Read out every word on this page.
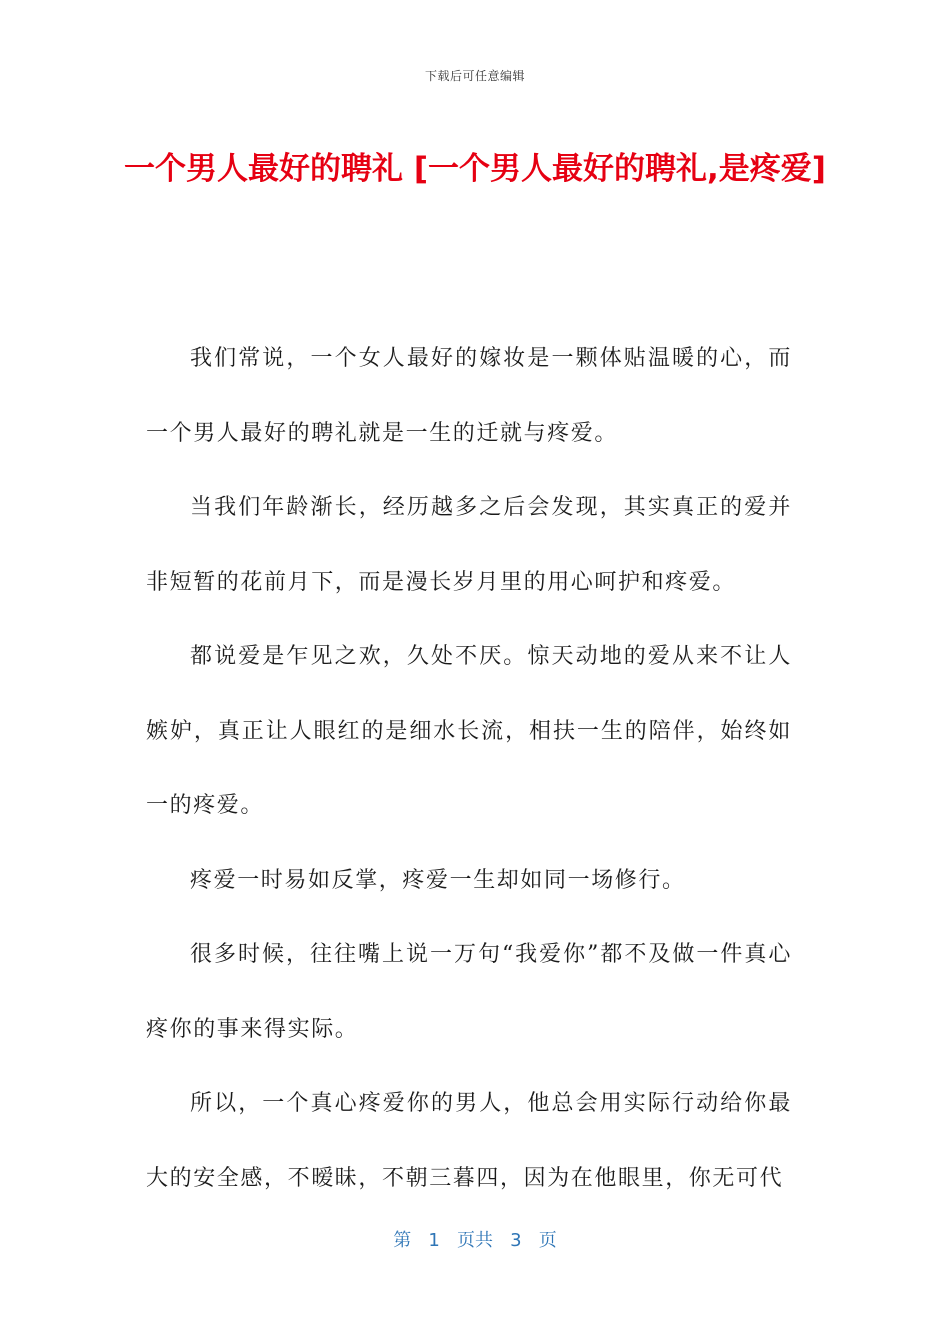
下载后可任意编辑
一个男人最好的聘礼 [一个男人最好的聘礼,是疼爱]

我们常说，一个女人最好的嫁妆是一颗体贴温暖的心，而一个男人最好的聘礼就是一生的迁就与疼爱。

当我们年龄渐长，经历越多之后会发现，其实真正的爱并非短暂的花前月下，而是漫长岁月里的用心呵护和疼爱。

都说爱是乍见之欢，久处不厌。惊天动地的爱从来不让人嫉妒，真正让人眼红的是细水长流，相扶一生的陪伴，始终如一的疼爱。

疼爱一时易如反掌，疼爱一生却如同一场修行。

很多时候，往往嘴上说一万句“我爱你”都不及做一件真心疼你的事来得实际。

所以，一个真心疼爱你的男人，他总会用实际行动给你最大的安全感，不暧昧，不朝三暮四，因为在他眼里，你无可代

第 1 页共 3 页
